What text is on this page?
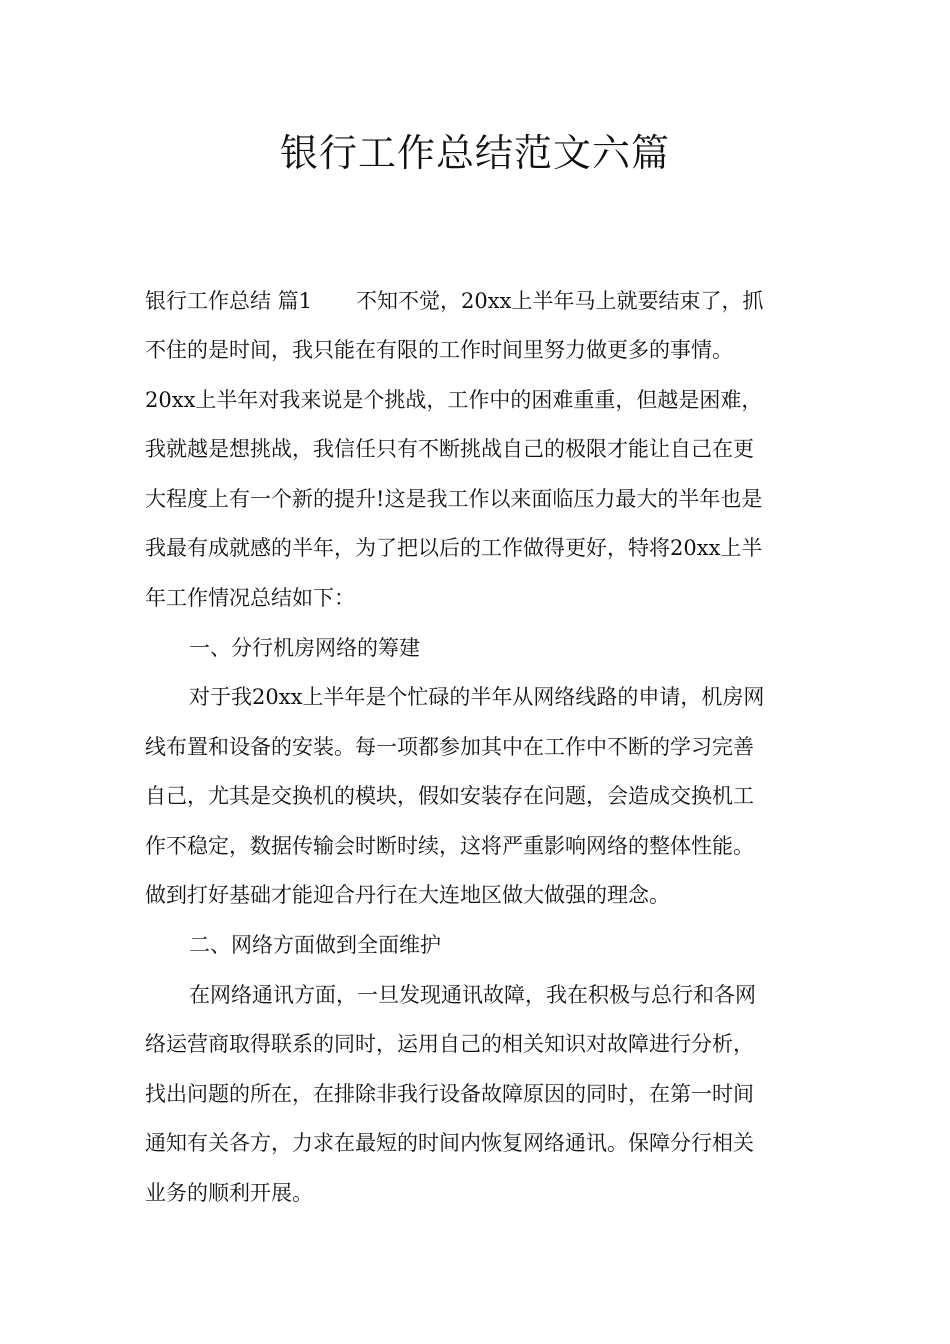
银行工作总结范文六篇
银行工作总结 篇1 不知不觉，20xx上半年马上就要结束了，抓
不住的是时间，我只能在有限的工作时间里努力做更多的事情。
20xx上半年对我来说是个挑战，工作中的困难重重，但越是困难，
我就越是想挑战，我信任只有不断挑战自己的极限才能让自己在更
大程度上有一个新的提升!这是我工作以来面临压力最大的半年也是
我最有成就感的半年，为了把以后的工作做得更好，特将20xx上半
年工作情况总结如下：
一、分行机房网络的筹建
对于我20xx上半年是个忙碌的半年从网络线路的申请，机房网
线布置和设备的安装。每一项都参加其中在工作中不断的学习完善
自己，尤其是交换机的模块，假如安装存在问题，会造成交换机工
作不稳定，数据传输会时断时续，这将严重影响网络的整体性能。
做到打好基础才能迎合丹行在大连地区做大做强的理念。
二、网络方面做到全面维护
在网络通讯方面，一旦发现通讯故障，我在积极与总行和各网
络运营商取得联系的同时，运用自己的相关知识对故障进行分析，
找出问题的所在，在排除非我行设备故障原因的同时，在第一时间
通知有关各方，力求在最短的时间内恢复网络通讯。保障分行相关
业务的顺利开展。
